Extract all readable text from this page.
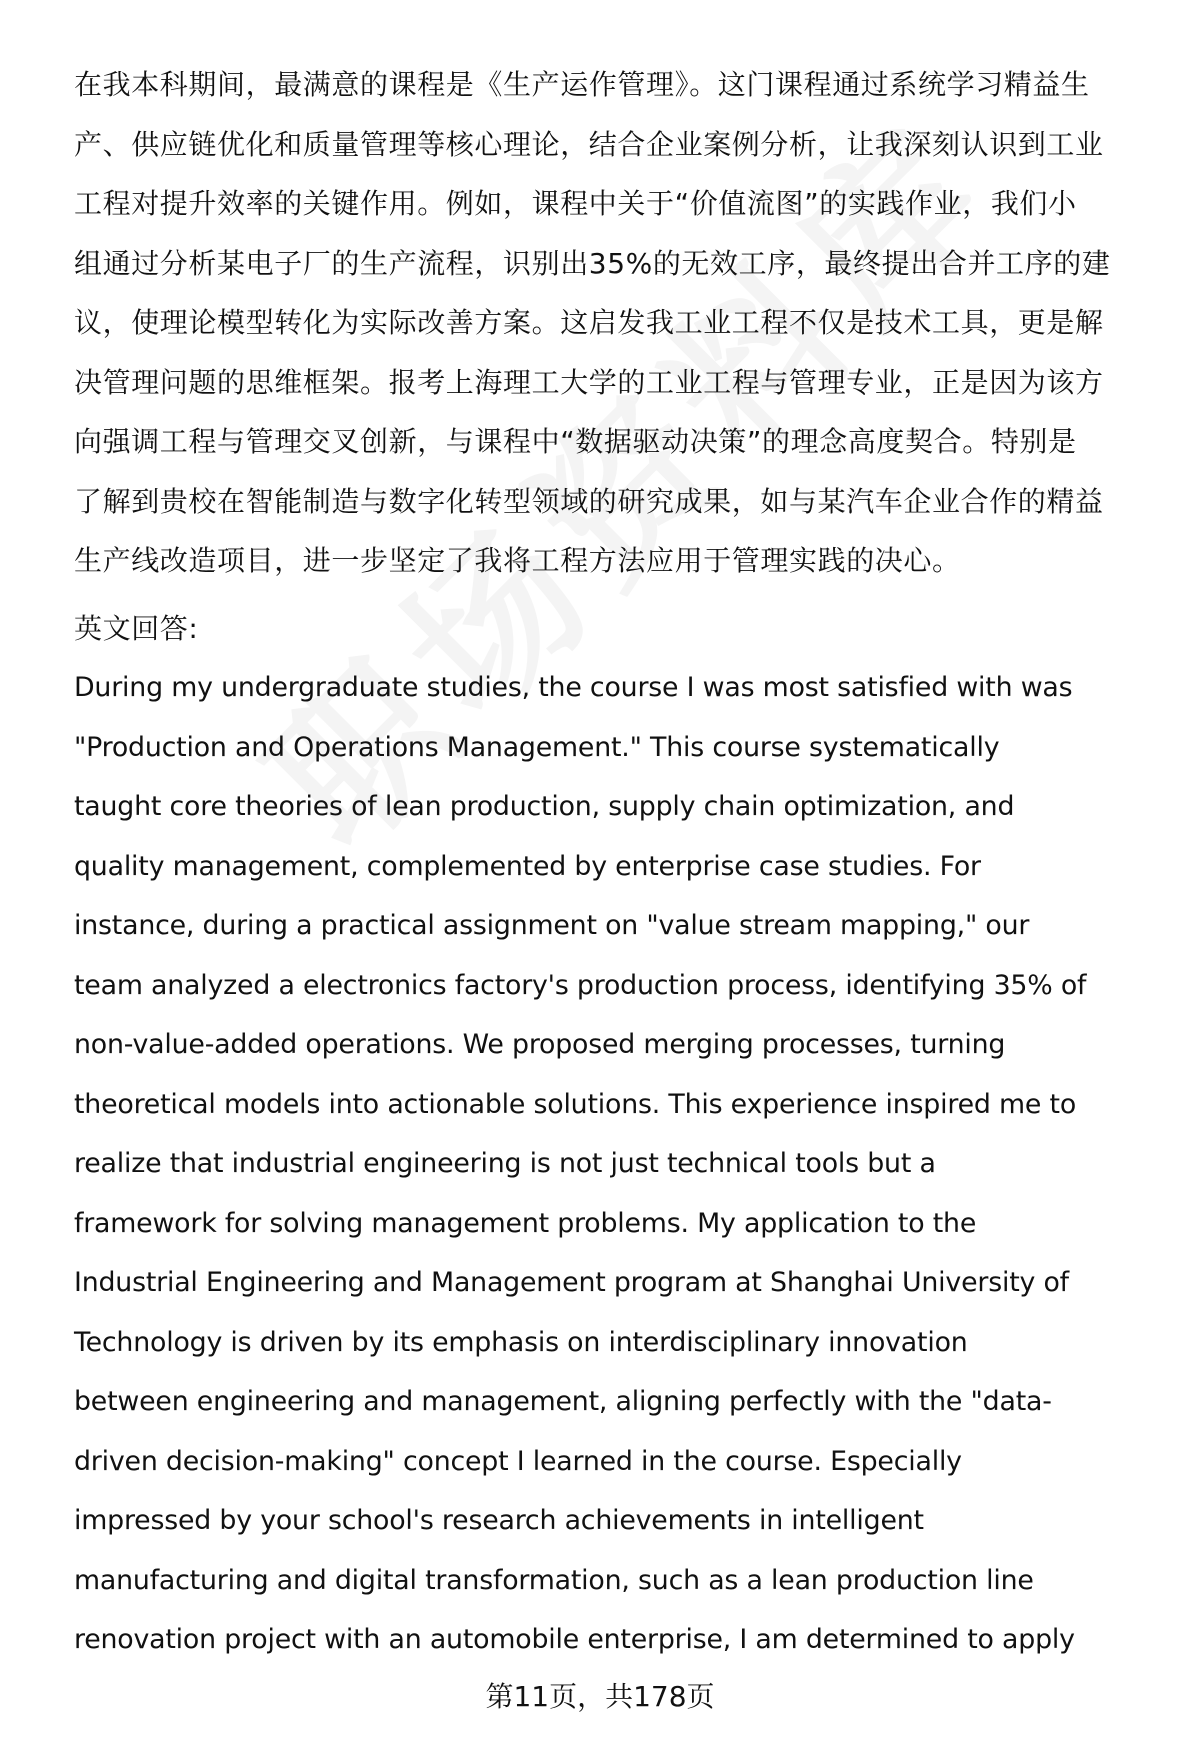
在我本科期间，最满意的课程是《生产运作管理》。这门课程通过系统学习精益生
产、供应链优化和质量管理等核心理论，结合企业案例分析，让我深刻认识到工业
工程对提升效率的关键作用。例如，课程中关于“价值流图”的实践作业，我们小
组通过分析某电子厂的生产流程，识别出35%的无效工序，最终提出合并工序的建
议，使理论模型转化为实际改善方案。这启发我工业工程不仅是技术工具，更是解
决管理问题的思维框架。报考上海理工大学的工业工程与管理专业，正是因为该方
向强调工程与管理交叉创新，与课程中“数据驱动决策”的理念高度契合。特别是
了解到贵校在智能制造与数字化转型领域的研究成果，如与某汽车企业合作的精益
生产线改造项目，进一步坚定了我将工程方法应用于管理实践的决心。
英文回答:
During my undergraduate studies, the course I was most satisfied with was
"Production and Operations Management." This course systematically
taught core theories of lean production, supply chain optimization, and
quality management, complemented by enterprise case studies. For
instance, during a practical assignment on "value stream mapping," our
team analyzed a electronics factory's production process, identifying 35% of
non-value-added operations. We proposed merging processes, turning
theoretical models into actionable solutions. This experience inspired me to
realize that industrial engineering is not just technical tools but a
framework for solving management problems. My application to the
Industrial Engineering and Management program at Shanghai University of
Technology is driven by its emphasis on interdisciplinary innovation
between engineering and management, aligning perfectly with the "data-
driven decision-making" concept I learned in the course. Especially
impressed by your school's research achievements in intelligent
manufacturing and digital transformation, such as a lean production line
renovation project with an automobile enterprise, I am determined to apply
第11页，共178页
